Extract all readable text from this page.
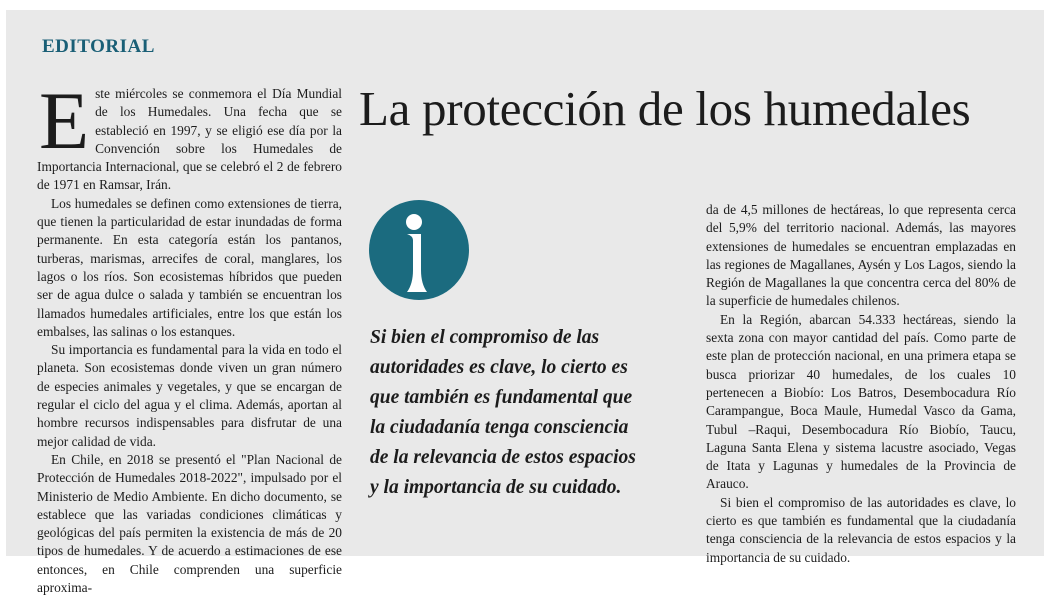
EDITORIAL
La protección de los humedales

Este miércoles se conmemora el Día Mundial de los Humedales. Una fecha que se estableció en 1997, y se eligió ese día por la Convención sobre los Humedales de Importancia Internacional, que se celebró el 2 de febrero de 1971 en Ramsar, Irán.

Los humedales se definen como extensiones de tierra, que tienen la particularidad de estar inundadas de forma permanente. En esta categoría están los pantanos, turberas, marismas, arrecifes de coral, manglares, los lagos o los ríos. Son ecosistemas híbridos que pueden ser de agua dulce o salada y también se encuentran los llamados humedales artificiales, entre los que están los embalses, las salinas o los estanques.

Su importancia es fundamental para la vida en todo el planeta. Son ecosistemas donde viven un gran número de especies animales y vegetales, y que se encargan de regular el ciclo del agua y el clima. Además, aportan al hombre recursos indispensables para disfrutar de una mejor calidad de vida.

En Chile, en 2018 se presentó el "Plan Nacional de Protección de Humedales 2018-2022", impulsado por el Ministerio de Medio Ambiente. En dicho documento, se establece que las variadas condiciones climáticas y geológicas del país permiten la existencia de más de 20 tipos de humedales. Y de acuerdo a estimaciones de ese entonces, en Chile comprenden una superficie aproxima-

Si bien el compromiso de las
autoridades es clave, lo cierto es
que también es fundamental que
la ciudadanía tenga consciencia
de la relevancia de estos espacios
y la importancia de su cuidado.

da de 4,5 millones de hectáreas, lo que representa cerca del 5,9% del territorio nacional. Además, las mayores extensiones de humedales se encuentran emplazadas en las regiones de Magallanes, Aysén y Los Lagos, siendo la Región de Magallanes la que concentra cerca del 80% de la superficie de humedales chilenos.

En la Región, abarcan 54.333 hectáreas, siendo la sexta zona con mayor cantidad del país. Como parte de este plan de protección nacional, en una primera etapa se busca priorizar 40 humedales, de los cuales 10 pertenecen a Biobío: Los Batros, Desembocadura Río Carampangue, Boca Maule, Humedal Vasco da Gama, Tubul –Raqui, Desembocadura Río Biobío, Taucu, Laguna Santa Elena y sistema lacustre asociado, Vegas de Itata y Lagunas y humedales de la Provincia de Arauco.

Si bien el compromiso de las autoridades es clave, lo cierto es que también es fundamental que la ciudadanía tenga consciencia de la relevancia de estos espacios y la importancia de su cuidado.
